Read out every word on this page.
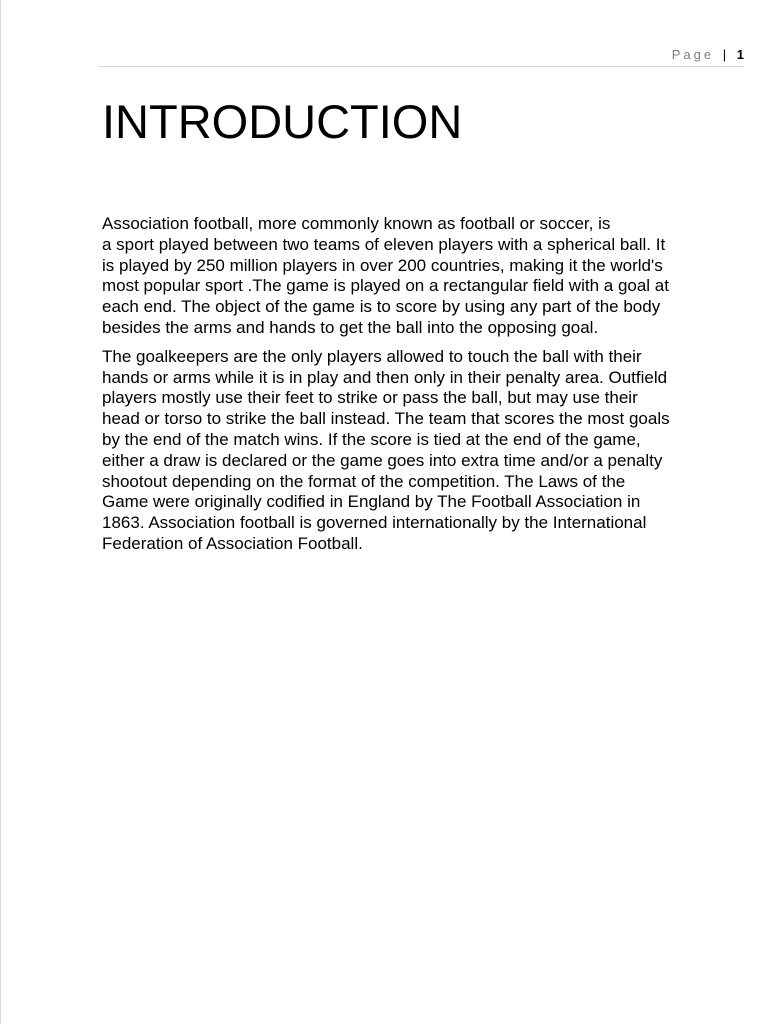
Page | 1
INTRODUCTION

Association football, more commonly known as football or soccer, is
a sport played between two teams of eleven players with a spherical ball. It
is played by 250 million players in over 200 countries, making it the world's
most popular sport .The game is played on a rectangular field with a goal at
each end. The object of the game is to score by using any part of the body
besides the arms and hands to get the ball into the opposing goal.

The goalkeepers are the only players allowed to touch the ball with their
hands or arms while it is in play and then only in their penalty area. Outfield
players mostly use their feet to strike or pass the ball, but may use their
head or torso to strike the ball instead. The team that scores the most goals
by the end of the match wins. If the score is tied at the end of the game,
either a draw is declared or the game goes into extra time and/or a penalty
shootout depending on the format of the competition. The Laws of the
Game were originally codified in England by The Football Association in
1863. Association football is governed internationally by the International
Federation of Association Football.
